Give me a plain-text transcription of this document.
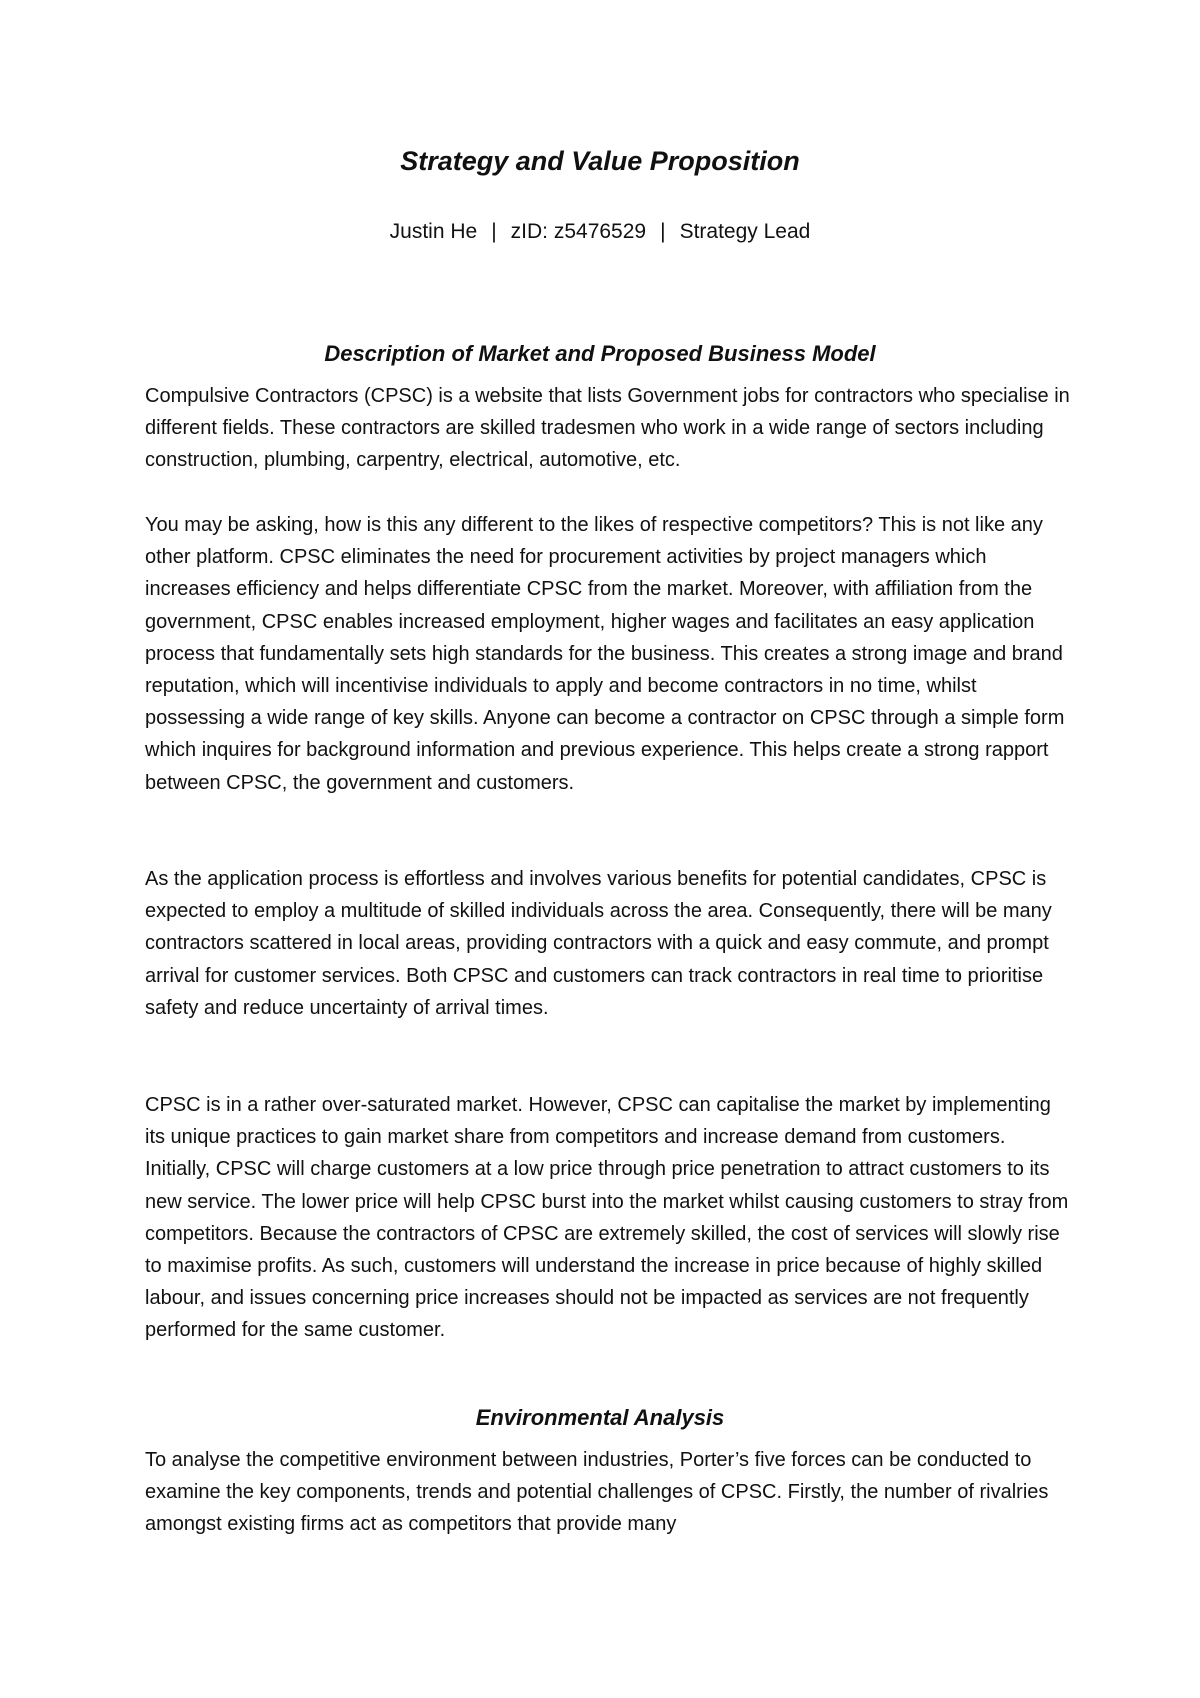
Strategy and Value Proposition

Justin He | zID: z5476529 | Strategy Lead

Description of Market and Proposed Business Model

Compulsive Contractors (CPSC) is a website that lists Government jobs for contractors who specialise in different fields. These contractors are skilled tradesmen who work in a wide range of sectors including construction, plumbing, carpentry, electrical, automotive, etc.

You may be asking, how is this any different to the likes of respective competitors? This is not like any other platform. CPSC eliminates the need for procurement activities by project managers which increases efficiency and helps differentiate CPSC from the market. Moreover, with affiliation from the government, CPSC enables increased employment, higher wages and facilitates an easy application process that fundamentally sets high standards for the business. This creates a strong image and brand reputation, which will incentivise individuals to apply and become contractors in no time, whilst possessing a wide range of key skills. Anyone can become a contractor on CPSC through a simple form which inquires for background information and previous experience. This helps create a strong rapport between CPSC, the government and customers.

As the application process is effortless and involves various benefits for potential candidates, CPSC is expected to employ a multitude of skilled individuals across the area. Consequently, there will be many contractors scattered in local areas, providing contractors with a quick and easy commute, and prompt arrival for customer services. Both CPSC and customers can track contractors in real time to prioritise safety and reduce uncertainty of arrival times.

CPSC is in a rather over-saturated market. However, CPSC can capitalise the market by implementing its unique practices to gain market share from competitors and increase demand from customers. Initially, CPSC will charge customers at a low price through price penetration to attract customers to its new service. The lower price will help CPSC burst into the market whilst causing customers to stray from competitors. Because the contractors of CPSC are extremely skilled, the cost of services will slowly rise to maximise profits. As such, customers will understand the increase in price because of highly skilled labour, and issues concerning price increases should not be impacted as services are not frequently performed for the same customer.

Environmental Analysis

To analyse the competitive environment between industries, Porter’s five forces can be conducted to examine the key components, trends and potential challenges of CPSC. Firstly, the number of rivalries amongst existing firms act as competitors that provide many
